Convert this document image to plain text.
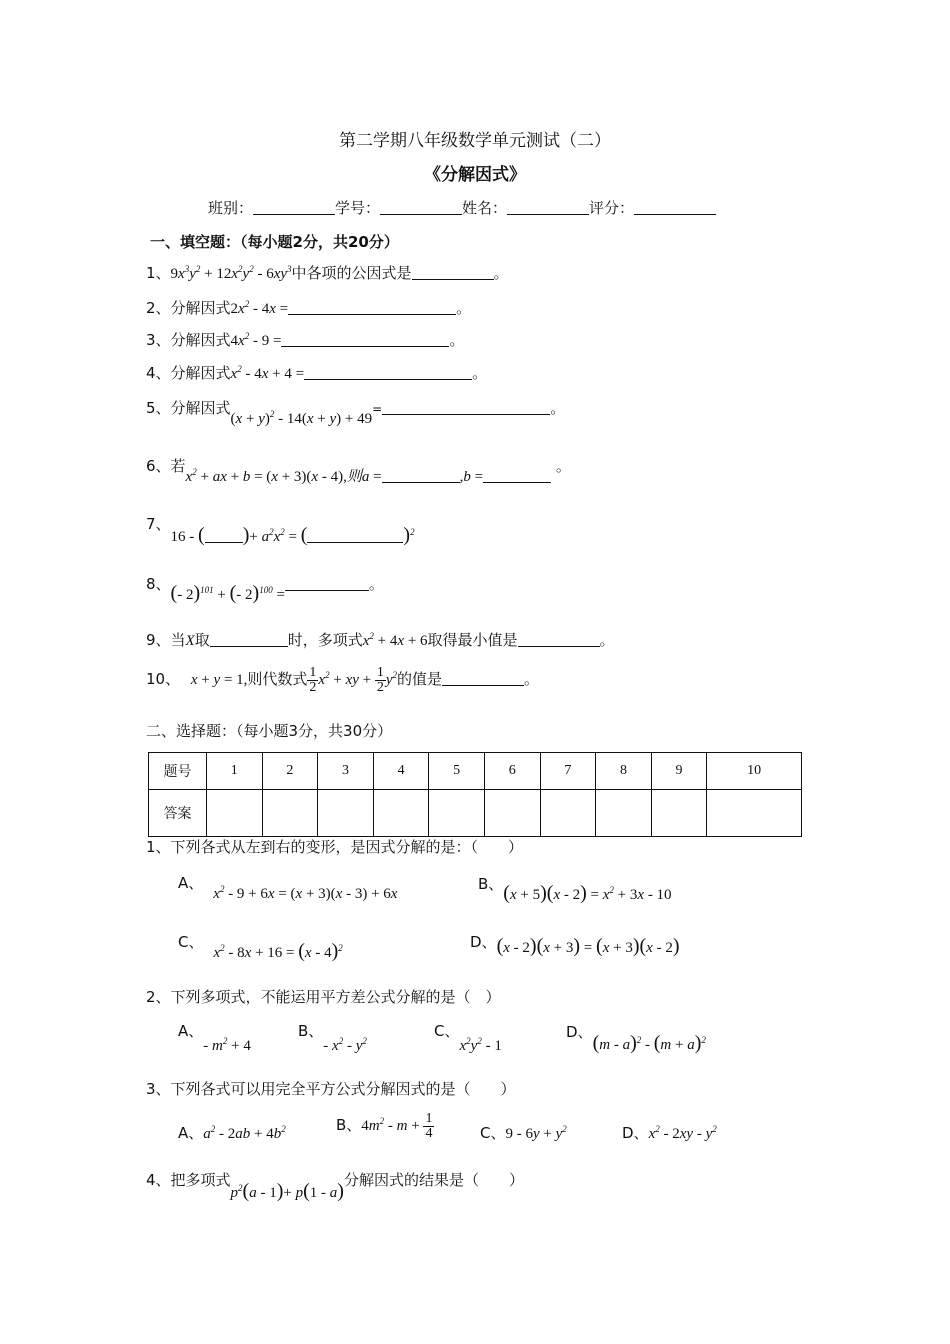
第二学期八年级数学单元测试（二）
《分解因式》
班别：	学号：	姓名：	评分：
一、填空题：（每小题2分，共20分）
1、$9x^3y^2 + 12x^2y^2 - 6xy^3$中各项的公因式是	。
2、分解因式$2x^2 - 4x$ =	。
3、分解因式$4x^2 - 9$ =	。
4、分解因式$x^2 - 4x + 4$ =	。
5、分解因式$(x + y)^2 - 14(x + y) + 49=$	。
6、若$x^2$ + ax + b = (x + 3)(x - 4),则a =	,b = 。
7、16 - ( )+ $a^2x^2$ = (	)$^2$
8、(- 2)$^{101}$ + (- 2)$^{100}$ =。
9、当X取	时，多项式$x^2 + 4x + 6$取得最小值是	。
10、 x + y = 1,则代数式 $\frac{1}{2} x^2$ + xy + $\frac{1}{2} y^2$的值是	。
二、选择题：（每小题3分，共30分）
题号	1	2	3	4	5	6	7	8	9	10
答案										
1、下列各式从左到右的变形，是因式分解的是：（　　）
A、$x^2 - 9 + 6x = (x + 3)(x - 3) + 6x$
B、$(x + 5)(x - 2) = x^2 + 3x - 10$
C、$x^2 - 8x + 16 = (x - 4)^2$	D、(x - 2)(x + 3) = (x + 3)(x - 2)
2、下列多项式，不能运用平方差公式分解的是（　）
A、- $m^2 + 4$
B、- $x^2 - y^2$
C、$x^2y^2 - 1$
D、$(m - a)^2 - (m + a)^2$
3、下列各式可以用完全平方公式分解因式的是（　　）
A、$a^2 - 2ab + 4b^2$	B、$4m^2 - m + \frac{1}{4}$	C、$9 - 6y + y^2$	D、$x^2 - 2xy - y^2$
4、把多项式$p^2(a - 1)+ p(1 - a)$分解因式的结果是（　　）
